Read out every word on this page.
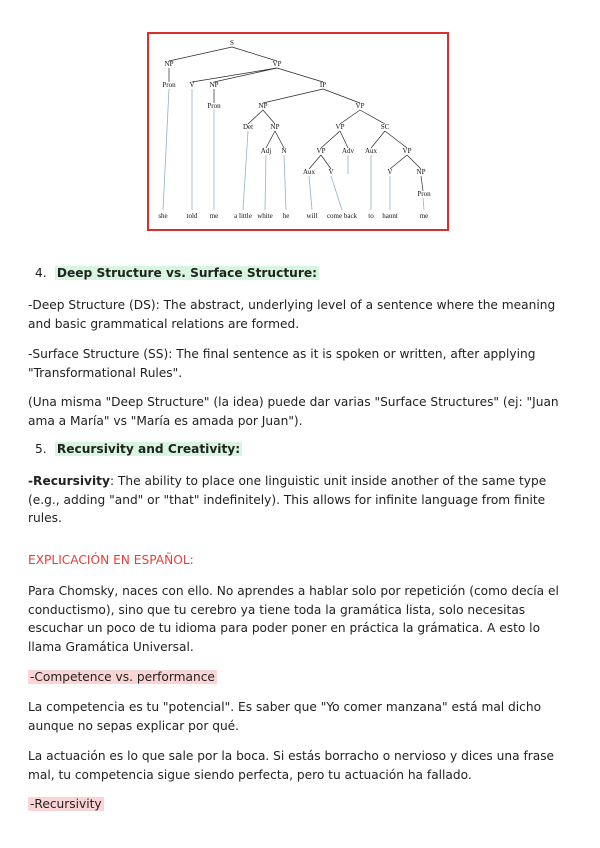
S
NP	VP
Pron V NP	IP
Pron	NP	VP
Det NP	VP	SC
Adj N	VP Adv Aux	VP
Aux V	V	NP
Pron
she	told me a little white he will come back to haunt	me
4. Deep Structure vs. Surface Structure:
-Deep Structure (DS): The abstract, underlying level of a sentence where the meaning and basic grammatical relations are formed.
-Surface Structure (SS): The final sentence as it is spoken or written, after applying "Transformational Rules".
(Una misma "Deep Structure" (la idea) puede dar varias "Surface Structures" (ej: "Juan ama a María" vs "María es amada por Juan").
5. Recursivity and Creativity:
-Recursivity: The ability to place one linguistic unit inside another of the same type (e.g., adding "and" or "that" indefinitely). This allows for infinite language from finite rules.
EXPLICACIÓN EN ESPAÑOL:
Para Chomsky, naces con ello. No aprendes a hablar solo por repetición (como decía el conductismo), sino que tu cerebro ya tiene toda la gramática lista, solo necesitas escuchar un poco de tu idioma para poder poner en práctica la grámatica. A esto lo llama Gramática Universal.
-Competence vs. performance
La competencia es tu "potencial". Es saber que "Yo comer manzana" está mal dicho aunque no sepas explicar por qué.
La actuación es lo que sale por la boca. Si estás borracho o nervioso y dices una frase mal, tu competencia sigue siendo perfecta, pero tu actuación ha fallado.
-Recursivity
